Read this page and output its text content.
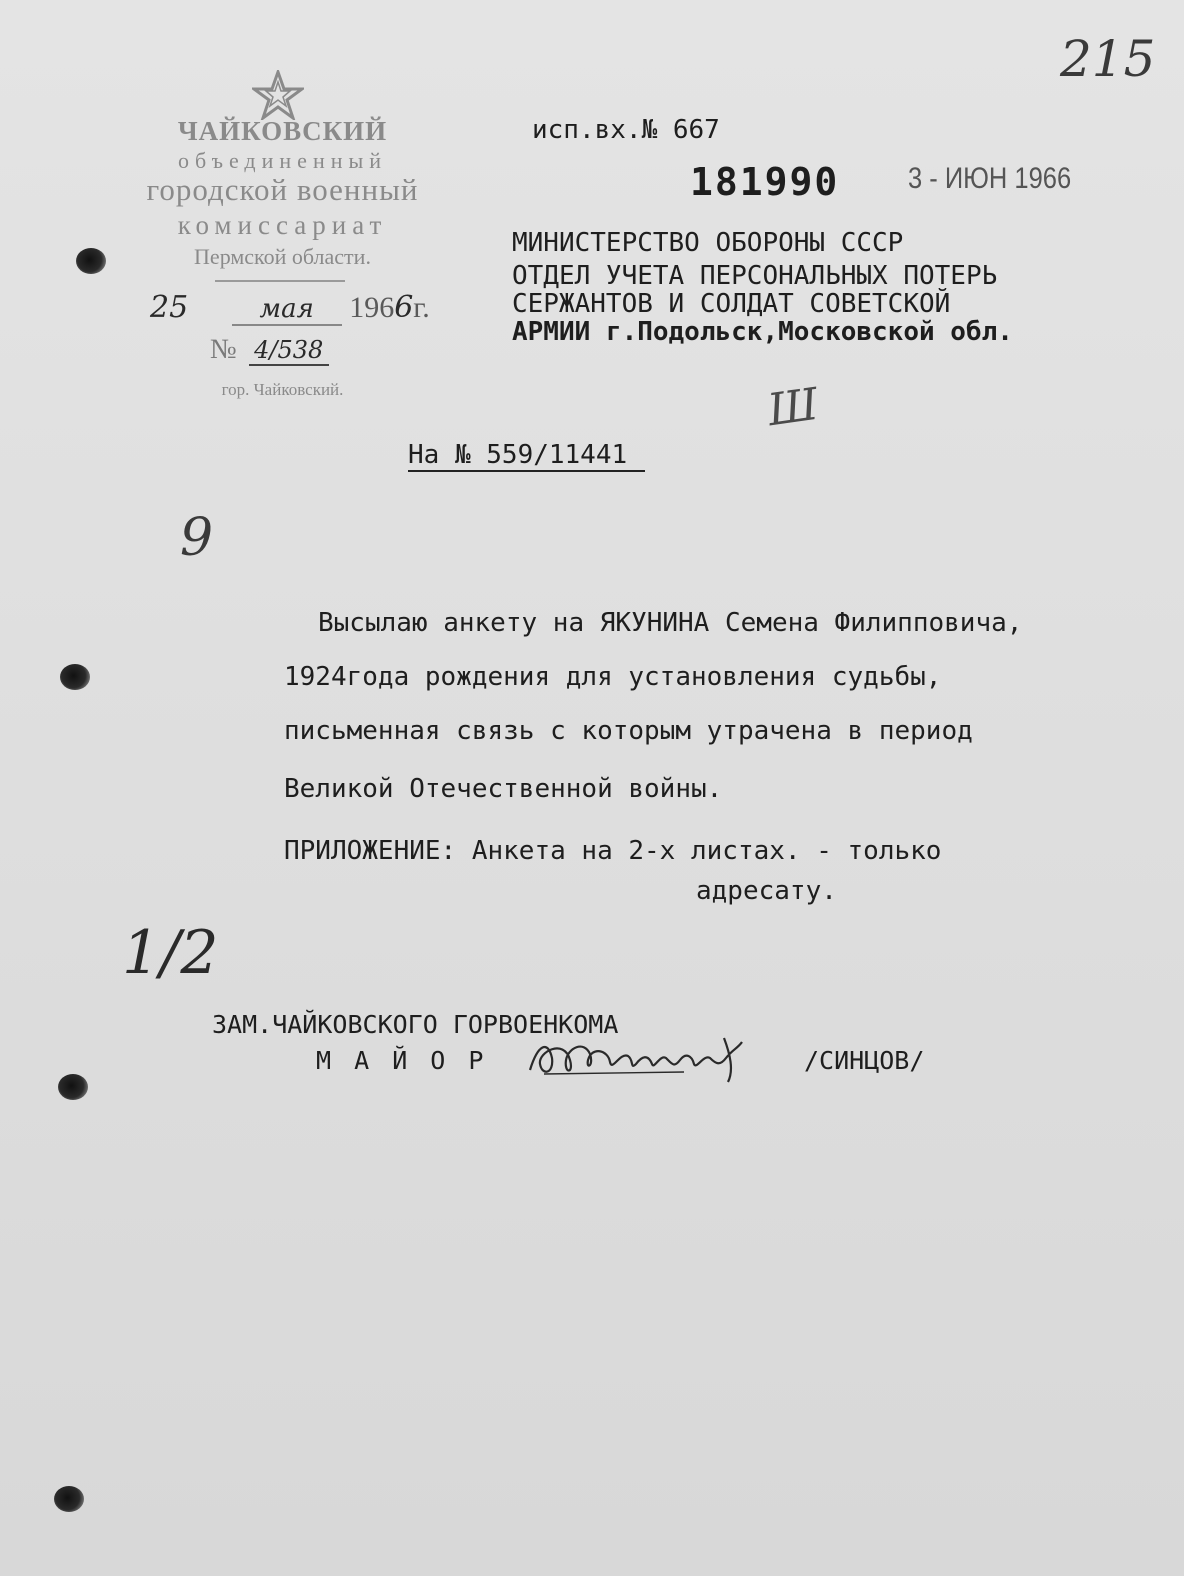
215
ЧАЙКОВСКИЙ
объединенный
городской военный
комиссариат
Пермской области.
25	мая 1966г.
№ 4/538
гор. Чайковский.
исп.вх.№ 667
181990 3 - ИЮН 1966
МИНИСТЕРСТВО ОБОРОНЫ СССР
ОТДЕЛ УЧЕТА ПЕРСОНАЛЬНЫХ ПОТЕРЬ
СЕРЖАНТОВ И СОЛДАТ СОВЕТСКОЙ
АРМИИ г.Подольск,Московской обл.
Ш
На № 559/11441
9
Высылаю анкету на ЯКУНИНА Семена Филипповича,
1924года рождения для установления судьбы,
письменная связь с которым утрачена в период
Великой Отечественной войны.
ПРИЛОЖЕНИЕ: Анкета на 2-х листах. - только
адресату.
1/2
ЗАМ.ЧАЙКОВСКОГО ГОРВОЕНКОМА
М А Й О Р	/СИНЦОВ/
